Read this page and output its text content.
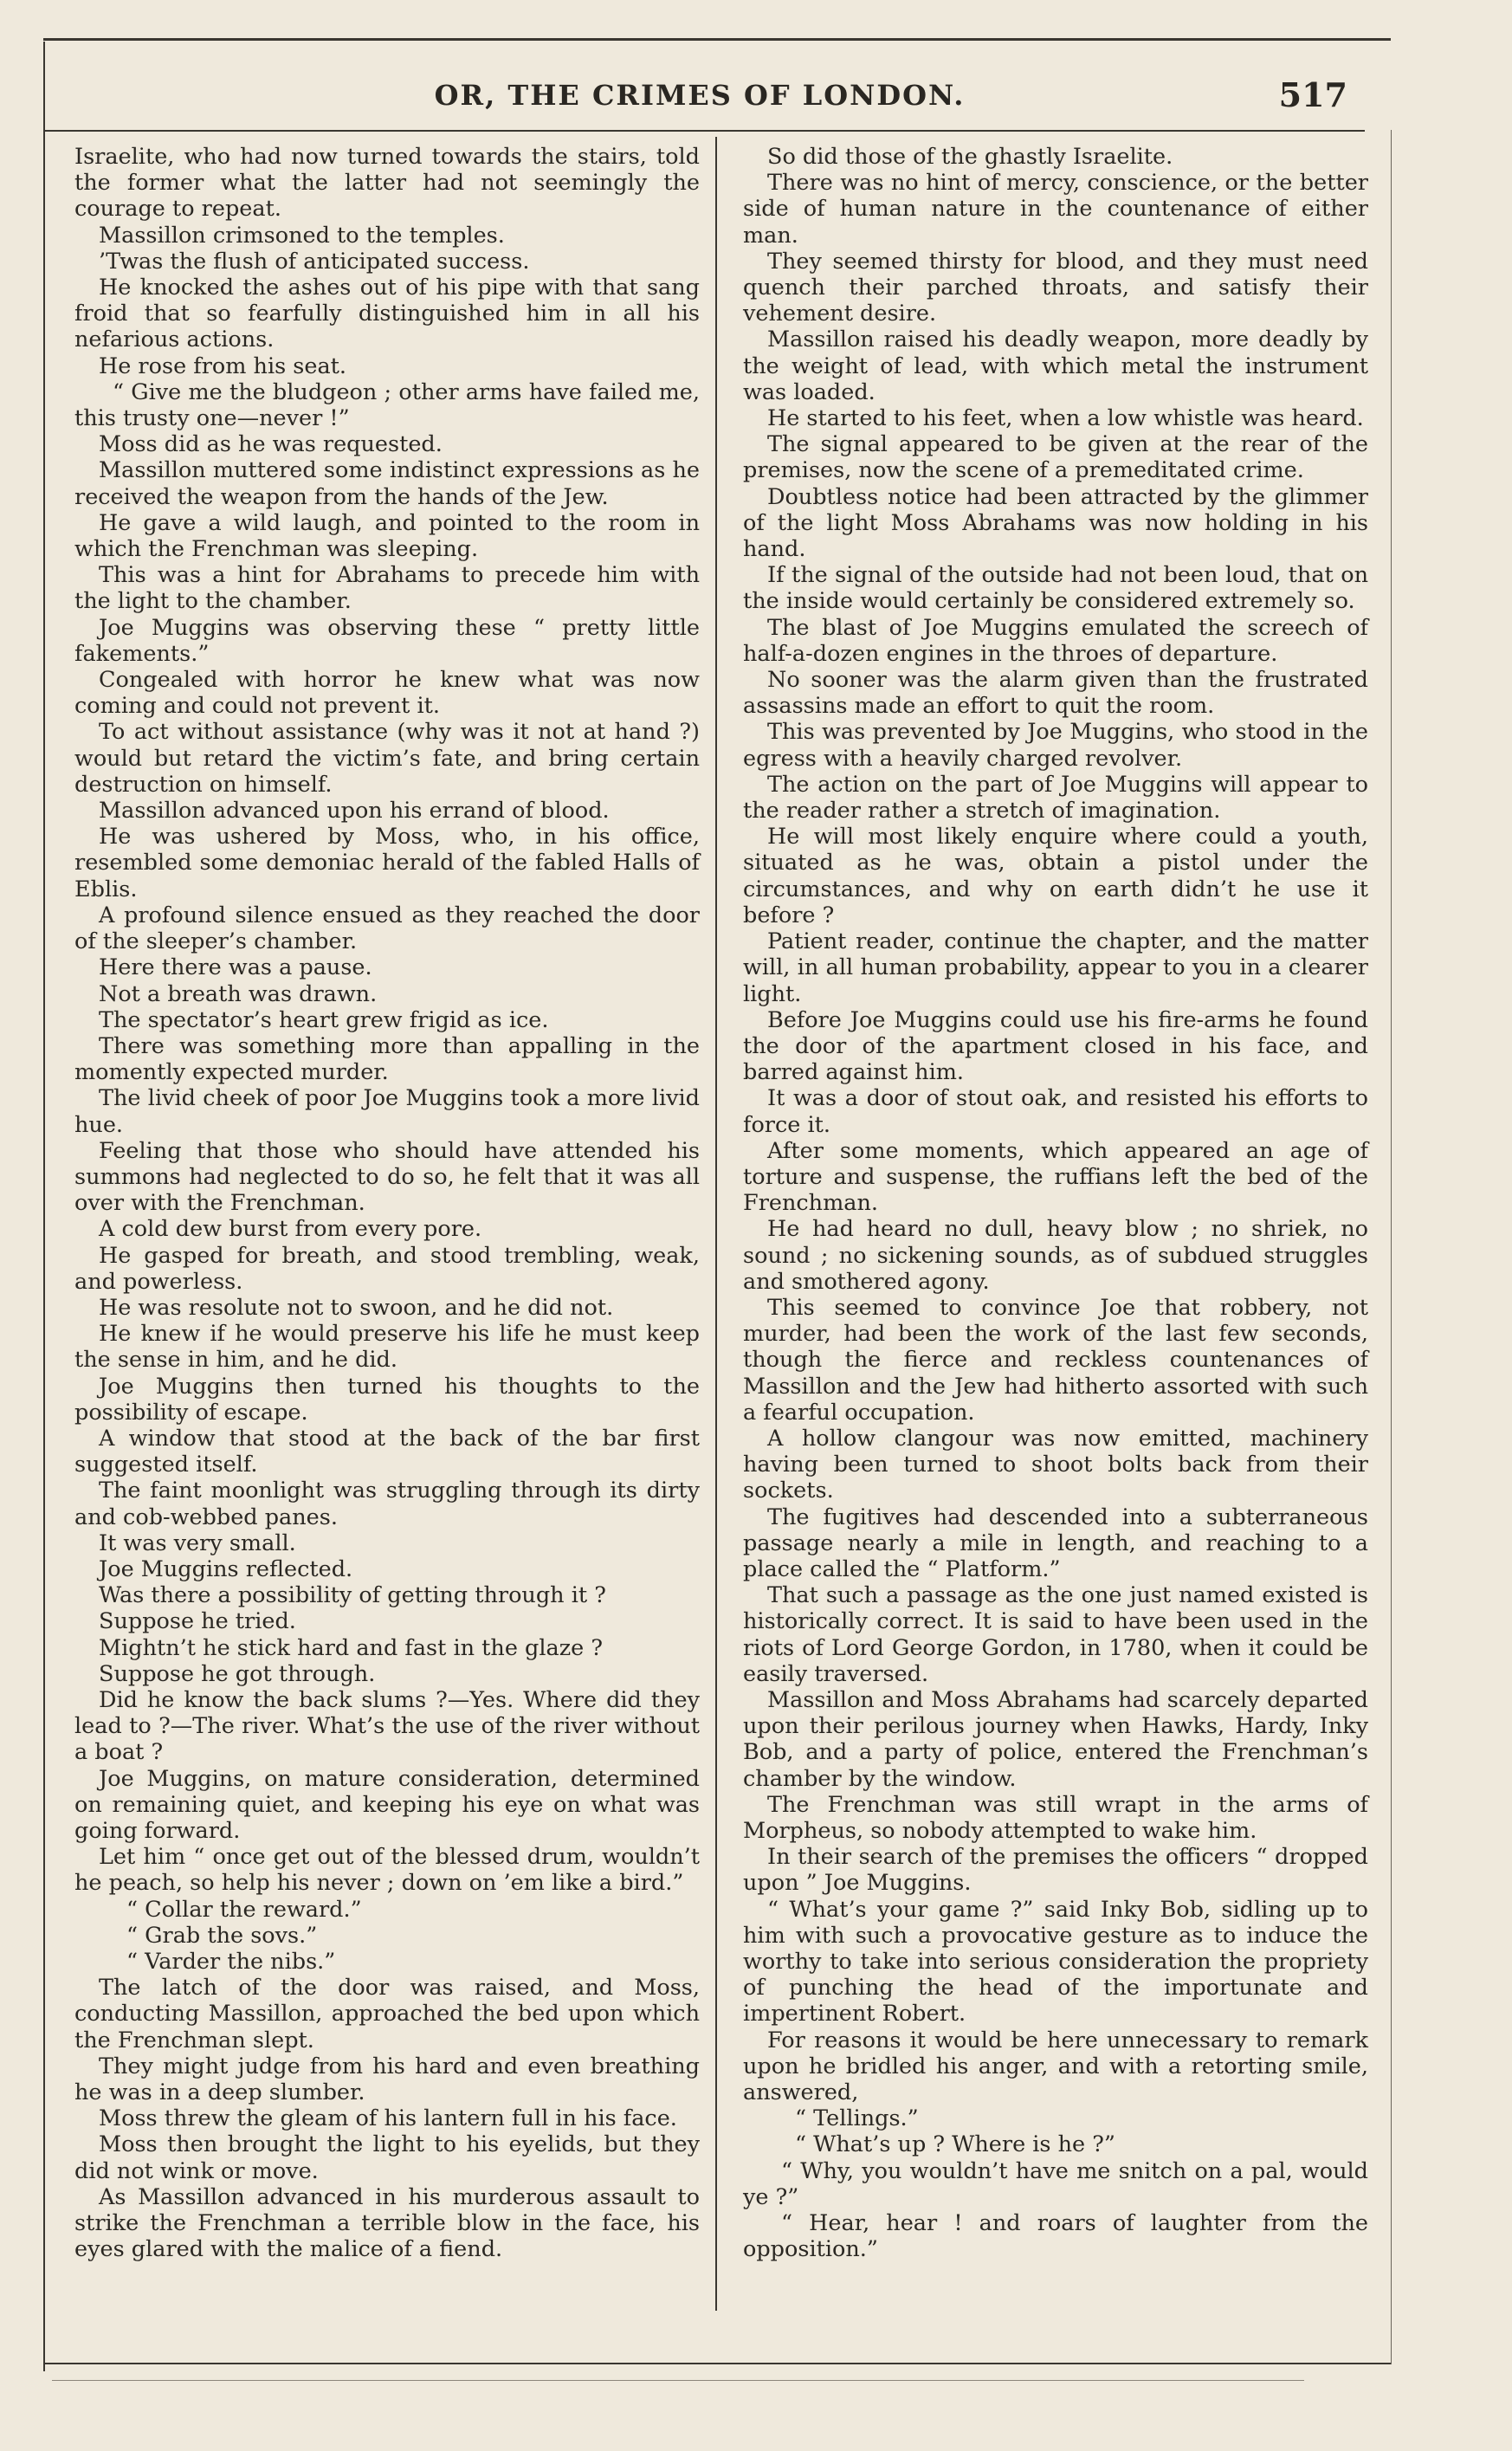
OR, THE CRIMES OF LONDON.	517

Israelite, who had now turned towards the stairs, told the former what the latter had not seemingly the courage to repeat.

Massillon crimsoned to the temples.

’Twas the flush of anticipated success.

He knocked the ashes out of his pipe with that sang froid that so fearfully distinguished him in all his nefarious actions.

He rose from his seat.

“ Give me the bludgeon ; other arms have failed me, this trusty one—never !”

Moss did as he was requested.

Massillon muttered some indistinct expressions as he received the weapon from the hands of the Jew.

He gave a wild laugh, and pointed to the room in which the Frenchman was sleeping.

This was a hint for Abrahams to precede him with the light to the chamber.

Joe Muggins was observing these “ pretty little fakements.”

Congealed with horror he knew what was now coming and could not prevent it.

To act without assistance (why was it not at hand ?) would but retard the victim’s fate, and bring certain destruction on himself.

Massillon advanced upon his errand of blood.

He was ushered by Moss, who, in his office, resembled some demoniac herald of the fabled Halls of Eblis.

A profound silence ensued as they reached the door of the sleeper’s chamber.

Here there was a pause.

Not a breath was drawn.

The spectator’s heart grew frigid as ice.

There was something more than appalling in the momently expected murder.

The livid cheek of poor Joe Muggins took a more livid hue.

Feeling that those who should have attended his summons had neglected to do so, he felt that it was all over with the Frenchman.

A cold dew burst from every pore.

He gasped for breath, and stood trembling, weak, and powerless.

He was resolute not to swoon, and he did not.

He knew if he would preserve his life he must keep the sense in him, and he did.

Joe Muggins then turned his thoughts to the possibility of escape.

A window that stood at the back of the bar first suggested itself.

The faint moonlight was struggling through its dirty and cob-webbed panes.

It was very small.

Joe Muggins reflected.

Was there a possibility of getting through it ?

Suppose he tried.

Mightn’t he stick hard and fast in the glaze ?

Suppose he got through.

Did he know the back slums ?—Yes. Where did they lead to ?—The river. What’s the use of the river without a boat ?

Joe Muggins, on mature consideration, determined on remaining quiet, and keeping his eye on what was going forward.

Let him “ once get out of the blessed drum, wouldn’t he peach, so help his never ; down on ’em like a bird.”

“ Collar the reward.”

“ Grab the sovs.”

“ Varder the nibs.”

The latch of the door was raised, and Moss, conducting Massillon, approached the bed upon which the Frenchman slept.

They might judge from his hard and even breathing he was in a deep slumber.

Moss threw the gleam of his lantern full in his face.

Moss then brought the light to his eyelids, but they did not wink or move.

As Massillon advanced in his murderous assault to strike the Frenchman a terrible blow in the face, his eyes glared with the malice of a fiend.

So did those of the ghastly Israelite.

There was no hint of mercy, conscience, or the better side of human nature in the countenance of either man.

They seemed thirsty for blood, and they must need quench their parched throats, and satisfy their vehement desire.

Massillon raised his deadly weapon, more deadly by the weight of lead, with which metal the instrument was loaded.

He started to his feet, when a low whistle was heard.

The signal appeared to be given at the rear of the premises, now the scene of a premeditated crime.

Doubtless notice had been attracted by the glimmer of the light Moss Abrahams was now holding in his hand.

If the signal of the outside had not been loud, that on the inside would certainly be considered extremely so.

The blast of Joe Muggins emulated the screech of half-a-dozen engines in the throes of departure.

No sooner was the alarm given than the frustrated assassins made an effort to quit the room.

This was prevented by Joe Muggins, who stood in the egress with a heavily charged revolver.

The action on the part of Joe Muggins will appear to the reader rather a stretch of imagination.

He will most likely enquire where could a youth, situated as he was, obtain a pistol under the circumstances, and why on earth didn’t he use it before ?

Patient reader, continue the chapter, and the matter will, in all human probability, appear to you in a clearer light.

Before Joe Muggins could use his fire-arms he found the door of the apartment closed in his face, and barred against him.

It was a door of stout oak, and resisted his efforts to force it.

After some moments, which appeared an age of torture and suspense, the ruffians left the bed of the Frenchman.

He had heard no dull, heavy blow ; no shriek, no sound ; no sickening sounds, as of subdued struggles and smothered agony.

This seemed to convince Joe that robbery, not murder, had been the work of the last few seconds, though the fierce and reckless countenances of Massillon and the Jew had hitherto assorted with such a fearful occupation.

A hollow clangour was now emitted, machinery having been turned to shoot bolts back from their sockets.

The fugitives had descended into a subterraneous passage nearly a mile in length, and reaching to a place called the “ Platform.”

That such a passage as the one just named existed is historically correct. It is said to have been used in the riots of Lord George Gordon, in 1780, when it could be easily traversed.

Massillon and Moss Abrahams had scarcely departed upon their perilous journey when Hawks, Hardy, Inky Bob, and a party of police, entered the Frenchman’s chamber by the window.

The Frenchman was still wrapt in the arms of Morpheus, so nobody attempted to wake him.

In their search of the premises the officers “ dropped upon ” Joe Muggins.

“ What’s your game ?” said Inky Bob, sidling up to him with such a provocative gesture as to induce the worthy to take into serious consideration the propriety of punching the head of the importunate and impertinent Robert.

For reasons it would be here unnecessary to remark upon he bridled his anger, and with a retorting smile, answered,

“ Tellings.”

“ What’s up ? Where is he ?”

“ Why, you wouldn’t have me snitch on a pal, would ye ?”

“ Hear, hear ! and roars of laughter from the opposition.”
